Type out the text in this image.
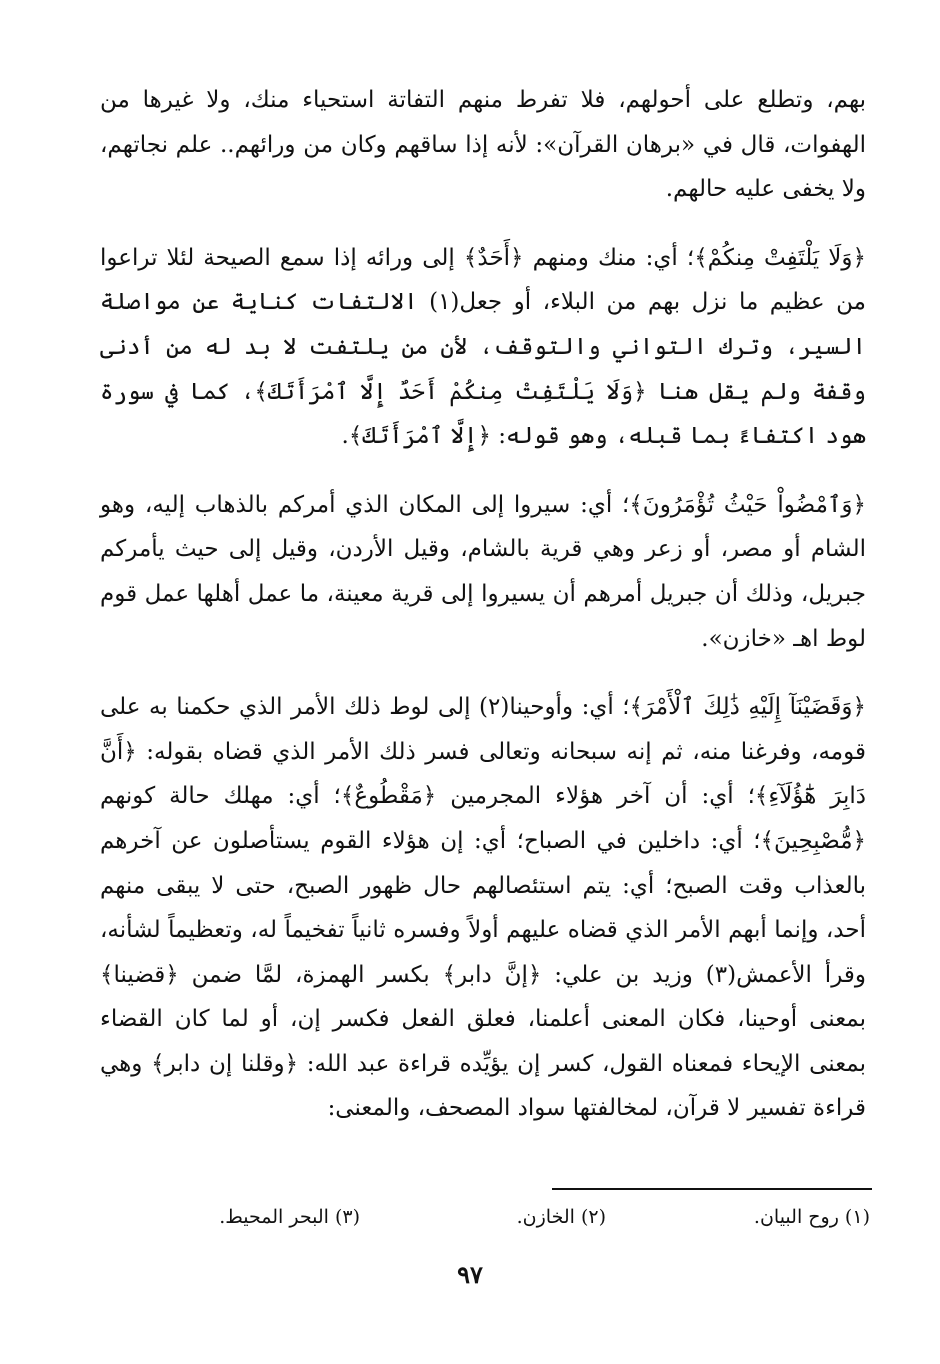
بهم، وتطلع على أحولهم، فلا تفرط منهم التفاتة استحياء منك، ولا غيرها من الهفوات، قال في «برهان القرآن»: لأنه إذا ساقهم وكان من ورائهم.. علم نجاتهم، ولا يخفى عليه حالهم.

﴿وَلَا يَلْتَفِتْ مِنكُمْ﴾؛ أي: منك ومنهم ﴿أَحَدٌ﴾ إلى ورائه إذا سمع الصيحة لئلا تراعوا من عظيم ما نزل بهم من البلاء، أو جعل(١) الالتفات كناية عن مواصلة السير، وترك التواني والتوقف، لأن من يلتفت لا بد له من أدنى وقفة ولم يقل هنا ﴿وَلَا يَلْتَفِتْ مِنكُمْ أَحَدٌ إِلَّا ٱمْرَأَتَكَ﴾، كما في سورة هود اكتفاءً بما قبله، وهو قوله: ﴿إِلَّا ٱمْرَأَتَكَ﴾.

﴿وَٱمْضُواْ حَيْثُ تُؤْمَرُونَ﴾؛ أي: سيروا إلى المكان الذي أمركم بالذهاب إليه، وهو الشام أو مصر، أو زعر وهي قرية بالشام، وقيل الأردن، وقيل إلى حيث يأمركم جبريل، وذلك أن جبريل أمرهم أن يسيروا إلى قرية معينة، ما عمل أهلها عمل قوم لوط اهـ «خازن».

﴿وَقَضَيْنَآ إِلَيْهِ ذَٰلِكَ ٱلْأَمْرَ﴾؛ أي: وأوحينا(٢) إلى لوط ذلك الأمر الذي حكمنا به على قومه، وفرغنا منه، ثم إنه سبحانه وتعالى فسر ذلك الأمر الذي قضاه بقوله: ﴿أَنَّ دَابِرَ هَٰٓؤُلَآءِ﴾؛ أي: أن آخر هؤلاء المجرمين ﴿مَقْطُوعٌ﴾؛ أي: مهلك حالة كونهم ﴿مُّصْبِحِينَ﴾؛ أي: داخلين في الصباح؛ أي: إن هؤلاء القوم يستأصلون عن آخرهم بالعذاب وقت الصبح؛ أي: يتم استئصالهم حال ظهور الصبح، حتى لا يبقى منهم أحد، وإنما أبهم الأمر الذي قضاه عليهم أولاً وفسره ثانياً تفخيماً له، وتعظيماً لشأنه، وقرأ الأعمش(٣) وزيد بن علي: ﴿إنَّ دابر﴾ بكسر الهمزة، لمَّا ضمن ﴿قضينا﴾ بمعنى أوحينا، فكان المعنى أعلمنا، فعلق الفعل فكسر إن، أو لما كان القضاء بمعنى الإيحاء فمعناه القول، كسر إن يؤيِّده قراءة عبد الله: ﴿وقلنا إن دابر﴾ وهي قراءة تفسير لا قرآن، لمخالفتها سواد المصحف، والمعنى:

(١) روح البيان.
(٢) الخازن.
(٣) البحر المحيط.
٩٧
